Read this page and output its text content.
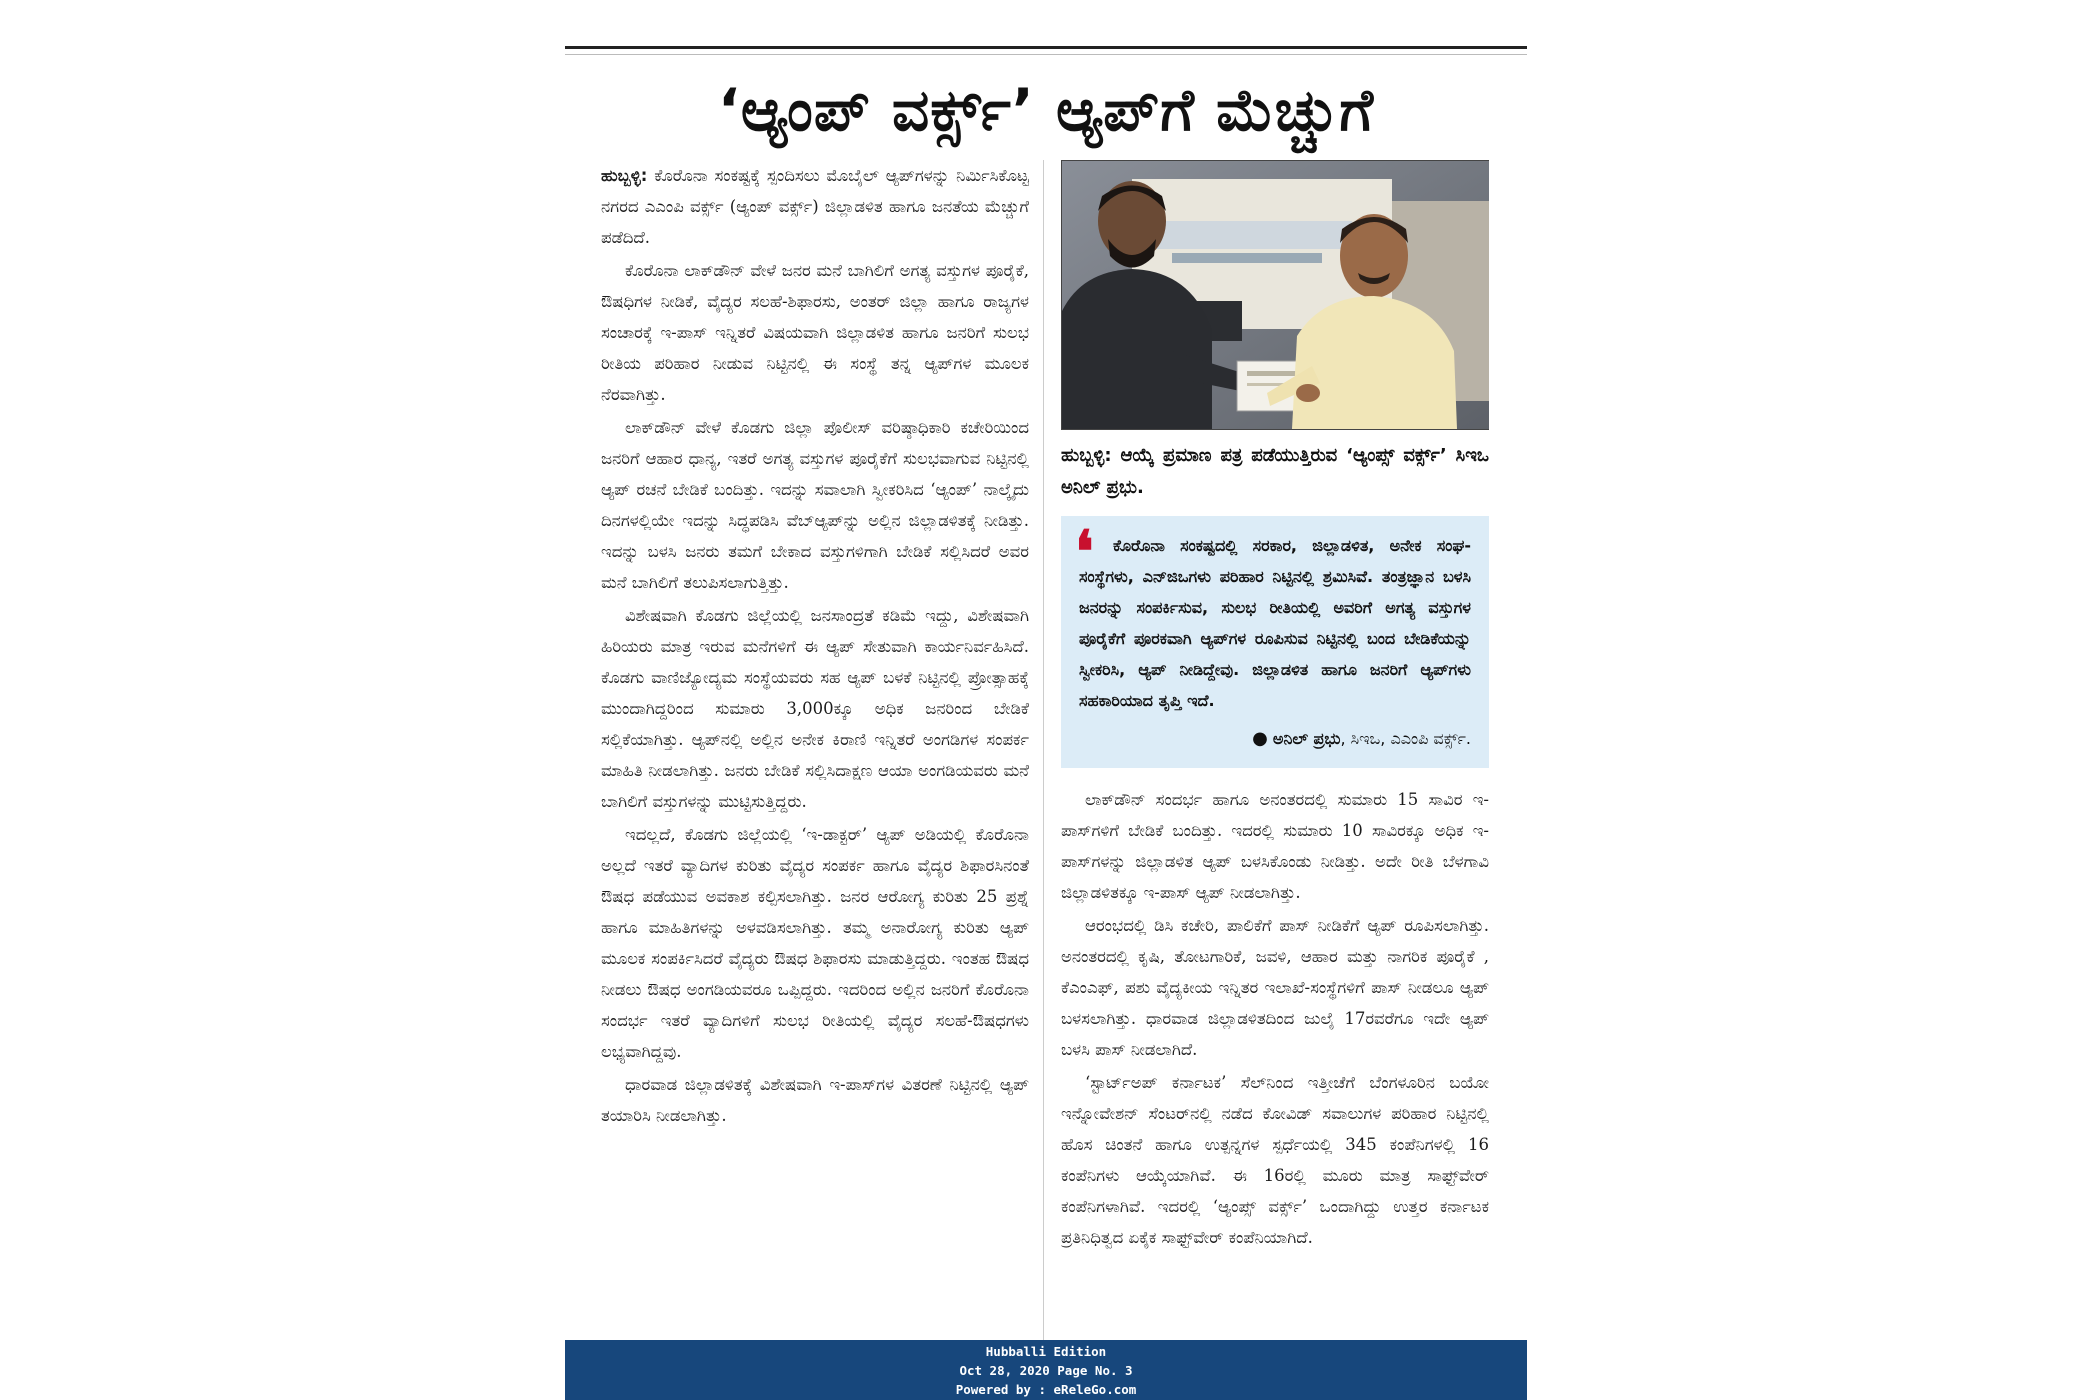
‘ಆ್ಯಂಪ್ ವರ್ಕ್ಸ್’ ಆ್ಯಪ್‌ಗೆ ಮೆಚ್ಚುಗೆ

ಹುಬ್ಬಳ್ಳಿ: ಕೊರೊನಾ ಸಂಕಷ್ಟಕ್ಕೆ ಸ್ಪಂದಿಸಲು ಮೊಬೈಲ್ ಆ್ಯಪ್‌ಗಳನ್ನು ನಿರ್ಮಿಸಿಕೊಟ್ಟ ನಗರದ ಎಎಂಪಿ ವರ್ಕ್ಸ್ (ಆ್ಯಂಪ್ ವರ್ಕ್ಸ್) ಜಿಲ್ಲಾಡಳಿತ ಹಾಗೂ ಜನತೆಯ ಮೆಚ್ಚುಗೆ ಪಡೆದಿದೆ.

ಕೊರೊನಾ ಲಾಕ್‌ಡೌನ್ ವೇಳೆ ಜನರ ಮನೆ ಬಾಗಿಲಿಗೆ ಅಗತ್ಯ ವಸ್ತುಗಳ ಪೂರೈಕೆ, ಔಷಧಿಗಳ ನೀಡಿಕೆ, ವೈದ್ಯರ ಸಲಹೆ-ಶಿಫಾರಸು, ಅಂತರ್ ಜಿಲ್ಲಾ ಹಾಗೂ ರಾಜ್ಯಗಳ ಸಂಚಾರಕ್ಕೆ ಇ-ಪಾಸ್ ಇನ್ನಿತರೆ ವಿಷಯವಾಗಿ ಜಿಲ್ಲಾಡಳಿತ ಹಾಗೂ ಜನರಿಗೆ ಸುಲಭ ರೀತಿಯ ಪರಿಹಾರ ನೀಡುವ ನಿಟ್ಟಿನಲ್ಲಿ ಈ ಸಂಸ್ಥೆ ತನ್ನ ಆ್ಯಪ್‌ಗಳ ಮೂಲಕ ನೆರವಾಗಿತ್ತು.

ಲಾಕ್‌ಡೌನ್ ವೇಳೆ ಕೊಡಗು ಜಿಲ್ಲಾ ಪೊಲೀಸ್ ವರಿಷ್ಠಾಧಿಕಾರಿ ಕಚೇರಿಯಿಂದ ಜನರಿಗೆ ಆಹಾರ ಧಾನ್ಯ, ಇತರೆ ಅಗತ್ಯ ವಸ್ತುಗಳ ಪೂರೈಕೆಗೆ ಸುಲಭವಾಗುವ ನಿಟ್ಟಿನಲ್ಲಿ ಆ್ಯಪ್ ರಚನೆ ಬೇಡಿಕೆ ಬಂದಿತ್ತು. ಇದನ್ನು ಸವಾಲಾಗಿ ಸ್ವೀಕರಿಸಿದ ‘ಆ್ಯಂಪ್’ ನಾಲ್ಕೈದು ದಿನಗಳಲ್ಲಿಯೇ ಇದನ್ನು ಸಿದ್ಧಪಡಿಸಿ ವೆಬ್‌ಆ್ಯಪ್‌ನ್ನು ಅಲ್ಲಿನ ಜಿಲ್ಲಾಡಳಿತಕ್ಕೆ ನೀಡಿತ್ತು. ಇದನ್ನು ಬಳಸಿ ಜನರು ತಮಗೆ ಬೇಕಾದ ವಸ್ತುಗಳಿಗಾಗಿ ಬೇಡಿಕೆ ಸಲ್ಲಿಸಿದರೆ ಅವರ ಮನೆ ಬಾಗಿಲಿಗೆ ತಲುಪಿಸಲಾಗುತ್ತಿತ್ತು.

ವಿಶೇಷವಾಗಿ ಕೊಡಗು ಜಿಲ್ಲೆಯಲ್ಲಿ ಜನಸಾಂದ್ರತೆ ಕಡಿಮೆ ಇದ್ದು, ವಿಶೇಷವಾಗಿ ಹಿರಿಯರು ಮಾತ್ರ ಇರುವ ಮನೆಗಳಿಗೆ ಈ ಆ್ಯಪ್ ಸೇತುವಾಗಿ ಕಾರ್ಯನಿರ್ವಹಿಸಿದೆ. ಕೊಡಗು ವಾಣಿಜ್ಯೋದ್ಯಮ ಸಂಸ್ಥೆಯವರು ಸಹ ಆ್ಯಪ್ ಬಳಕೆ ನಿಟ್ಟಿನಲ್ಲಿ ಪ್ರೋತ್ಸಾಹಕ್ಕೆ ಮುಂದಾಗಿದ್ದರಿಂದ ಸುಮಾರು 3,000ಕ್ಕೂ ಅಧಿಕ ಜನರಿಂದ ಬೇಡಿಕೆ ಸಲ್ಲಿಕೆಯಾಗಿತ್ತು. ಆ್ಯಪ್‌ನಲ್ಲಿ ಅಲ್ಲಿನ ಅನೇಕ ಕಿರಾಣಿ ಇನ್ನಿತರೆ ಅಂಗಡಿಗಳ ಸಂಪರ್ಕ ಮಾಹಿತಿ ನೀಡಲಾಗಿತ್ತು. ಜನರು ಬೇಡಿಕೆ ಸಲ್ಲಿಸಿದಾಕ್ಷಣ ಆಯಾ ಅಂಗಡಿಯವರು ಮನೆ ಬಾಗಿಲಿಗೆ ವಸ್ತುಗಳನ್ನು ಮುಟ್ಟಿಸುತ್ತಿದ್ದರು.

ಇದಲ್ಲದೆ, ಕೊಡಗು ಜಿಲ್ಲೆಯಲ್ಲಿ ‘ಇ-ಡಾಕ್ಟರ್’ ಆ್ಯಪ್ ಅಡಿಯಲ್ಲಿ ಕೊರೊನಾ ಅಲ್ಲದೆ ಇತರೆ ವ್ಯಾದಿಗಳ ಕುರಿತು ವೈದ್ಯರ ಸಂಪರ್ಕ ಹಾಗೂ ವೈದ್ಯರ ಶಿಫಾರಸಿನಂತೆ ಔಷಧ ಪಡೆಯುವ ಅವಕಾಶ ಕಲ್ಪಿಸಲಾಗಿತ್ತು. ಜನರ ಆರೋಗ್ಯ ಕುರಿತು 25 ಪ್ರಶ್ನೆ ಹಾಗೂ ಮಾಹಿತಿಗಳನ್ನು ಅಳವಡಿಸಲಾಗಿತ್ತು. ತಮ್ಮ ಅನಾರೋಗ್ಯ ಕುರಿತು ಆ್ಯಪ್ ಮೂಲಕ ಸಂಪರ್ಕಿಸಿದರೆ ವೈದ್ಯರು ಔಷಧ ಶಿಫಾರಸು ಮಾಡುತ್ತಿದ್ದರು. ಇಂತಹ ಔಷಧ ನೀಡಲು ಔಷಧ ಅಂಗಡಿಯವರೂ ಒಪ್ಪಿದ್ದರು. ಇದರಿಂದ ಅಲ್ಲಿನ ಜನರಿಗೆ ಕೊರೊನಾ ಸಂದರ್ಭ ಇತರೆ ವ್ಯಾದಿಗಳಿಗೆ ಸುಲಭ ರೀತಿಯಲ್ಲಿ ವೈದ್ಯರ ಸಲಹೆ-ಔಷಧಗಳು ಲಭ್ಯವಾಗಿದ್ದವು.

ಧಾರವಾಡ ಜಿಲ್ಲಾಡಳಿತಕ್ಕೆ ವಿಶೇಷವಾಗಿ ಇ-ಪಾಸ್‌ಗಳ ವಿತರಣೆ ನಿಟ್ಟಿನಲ್ಲಿ ಆ್ಯಪ್ ತಯಾರಿಸಿ ನೀಡಲಾಗಿತ್ತು.

ಹುಬ್ಬಳ್ಳಿ: ಆಯ್ಕೆ ಪ್ರಮಾಣ ಪತ್ರ ಪಡೆಯುತ್ತಿರುವ ‘ಆ್ಯಂಪ್ಸ್ ವರ್ಕ್ಸ್’ ಸಿಇಒ ಅನಿಲ್ ಪ್ರಭು.
❛	ಕೊರೊನಾ ಸಂಕಷ್ಟದಲ್ಲಿ ಸರಕಾರ, ಜಿಲ್ಲಾಡಳಿತ, ಅನೇಕ ಸಂಘ-ಸಂಸ್ಥೆಗಳು, ಎನ್‌ಜಿಒಗಳು ಪರಿಹಾರ ನಿಟ್ಟಿನಲ್ಲಿ ಶ್ರಮಿಸಿವೆ. ತಂತ್ರಜ್ಞಾನ ಬಳಸಿ ಜನರನ್ನು ಸಂಪರ್ಕಿಸುವ, ಸುಲಭ ರೀತಿಯಲ್ಲಿ ಅವರಿಗೆ ಅಗತ್ಯ ವಸ್ತುಗಳ ಪೂರೈಕೆಗೆ ಪೂರಕವಾಗಿ ಆ್ಯಪ್‌ಗಳ ರೂಪಿಸುವ ನಿಟ್ಟಿನಲ್ಲಿ ಬಂದ ಬೇಡಿಕೆಯನ್ನು ಸ್ವೀಕರಿಸಿ, ಆ್ಯಪ್ ನೀಡಿದ್ದೇವು. ಜಿಲ್ಲಾಡಳಿತ ಹಾಗೂ ಜನರಿಗೆ ಆ್ಯಪ್‌ಗಳು ಸಹಕಾರಿಯಾದ ತೃಪ್ತಿ ಇದೆ.

● ಅನಿಲ್ ಪ್ರಭು, ಸಿಇಒ, ಎಎಂಪಿ ವರ್ಕ್ಸ್.

ಲಾಕ್‌ಡೌನ್ ಸಂದರ್ಭ ಹಾಗೂ ಅನಂತರದಲ್ಲಿ ಸುಮಾರು 15 ಸಾವಿರ ಇ-ಪಾಸ್‌ಗಳಿಗೆ ಬೇಡಿಕೆ ಬಂದಿತ್ತು. ಇದರಲ್ಲಿ ಸುಮಾರು 10 ಸಾವಿರಕ್ಕೂ ಅಧಿಕ ಇ-ಪಾಸ್‌ಗಳನ್ನು ಜಿಲ್ಲಾಡಳಿತ ಆ್ಯಪ್ ಬಳಸಿಕೊಂಡು ನೀಡಿತ್ತು. ಅದೇ ರೀತಿ ಬೆಳಗಾವಿ ಜಿಲ್ಲಾಡಳಿತಕ್ಕೂ ಇ-ಪಾಸ್ ಆ್ಯಪ್ ನೀಡಲಾಗಿತ್ತು.

ಆರಂಭದಲ್ಲಿ ಡಿಸಿ ಕಚೇರಿ, ಪಾಲಿಕೆಗೆ ಪಾಸ್ ನೀಡಿಕೆಗೆ ಆ್ಯಪ್ ರೂಪಿಸಲಾಗಿತ್ತು. ಅನಂತರದಲ್ಲಿ ಕೃಷಿ, ತೋಟಗಾರಿಕೆ, ಜವಳಿ, ಆಹಾರ ಮತ್ತು ನಾಗರಿಕ ಪೂರೈಕೆ , ಕೆಎಂಎಫ್, ಪಶು ವೈದ್ಯಕೀಯ ಇನ್ನಿತರ ಇಲಾಖೆ-ಸಂಸ್ಥೆಗಳಿಗೆ ಪಾಸ್ ನೀಡಲೂ ಆ್ಯಪ್ ಬಳಸಲಾಗಿತ್ತು. ಧಾರವಾಡ ಜಿಲ್ಲಾಡಳಿತದಿಂದ ಜುಲೈ 17ರವರೆಗೂ ಇದೇ ಆ್ಯಪ್ ಬಳಸಿ ಪಾಸ್ ನೀಡಲಾಗಿದೆ.

‘ಸ್ಟಾರ್ಟ್‌ಅಪ್ ಕರ್ನಾಟಕ’ ಸೆಲ್‌ನಿಂದ ಇತ್ತೀಚೆಗೆ ಬೆಂಗಳೂರಿನ ಬಯೋ ಇನ್ನೋವೇಶನ್ ಸೆಂಟರ್‌ನಲ್ಲಿ ನಡೆದ ಕೋವಿಡ್ ಸವಾಲುಗಳ ಪರಿಹಾರ ನಿಟ್ಟಿನಲ್ಲಿ ಹೊಸ ಚಿಂತನೆ ಹಾಗೂ ಉತ್ಪನ್ನಗಳ ಸ್ಪರ್ಧೆಯಲ್ಲಿ 345 ಕಂಪೆನಿಗಳಲ್ಲಿ 16 ಕಂಪೆನಿಗಳು ಆಯ್ಕೆಯಾಗಿವೆ. ಈ 16ರಲ್ಲಿ ಮೂರು ಮಾತ್ರ ಸಾಫ್ಟ್‌ವೇರ್ ಕಂಪೆನಿಗಳಾಗಿವೆ. ಇದರಲ್ಲಿ ‘ಆ್ಯಂಪ್ಸ್ ವರ್ಕ್ಸ್’ ಒಂದಾಗಿದ್ದು ಉತ್ತರ ಕರ್ನಾಟಕ ಪ್ರತಿನಿಧಿತ್ವದ ಏಕೈಕ ಸಾಫ್ಟ್‌ವೇರ್ ಕಂಪೆನಿಯಾಗಿದೆ.

Hubballi Edition
Oct 28, 2020 Page No. 3
Powered by : eReleGo.com
